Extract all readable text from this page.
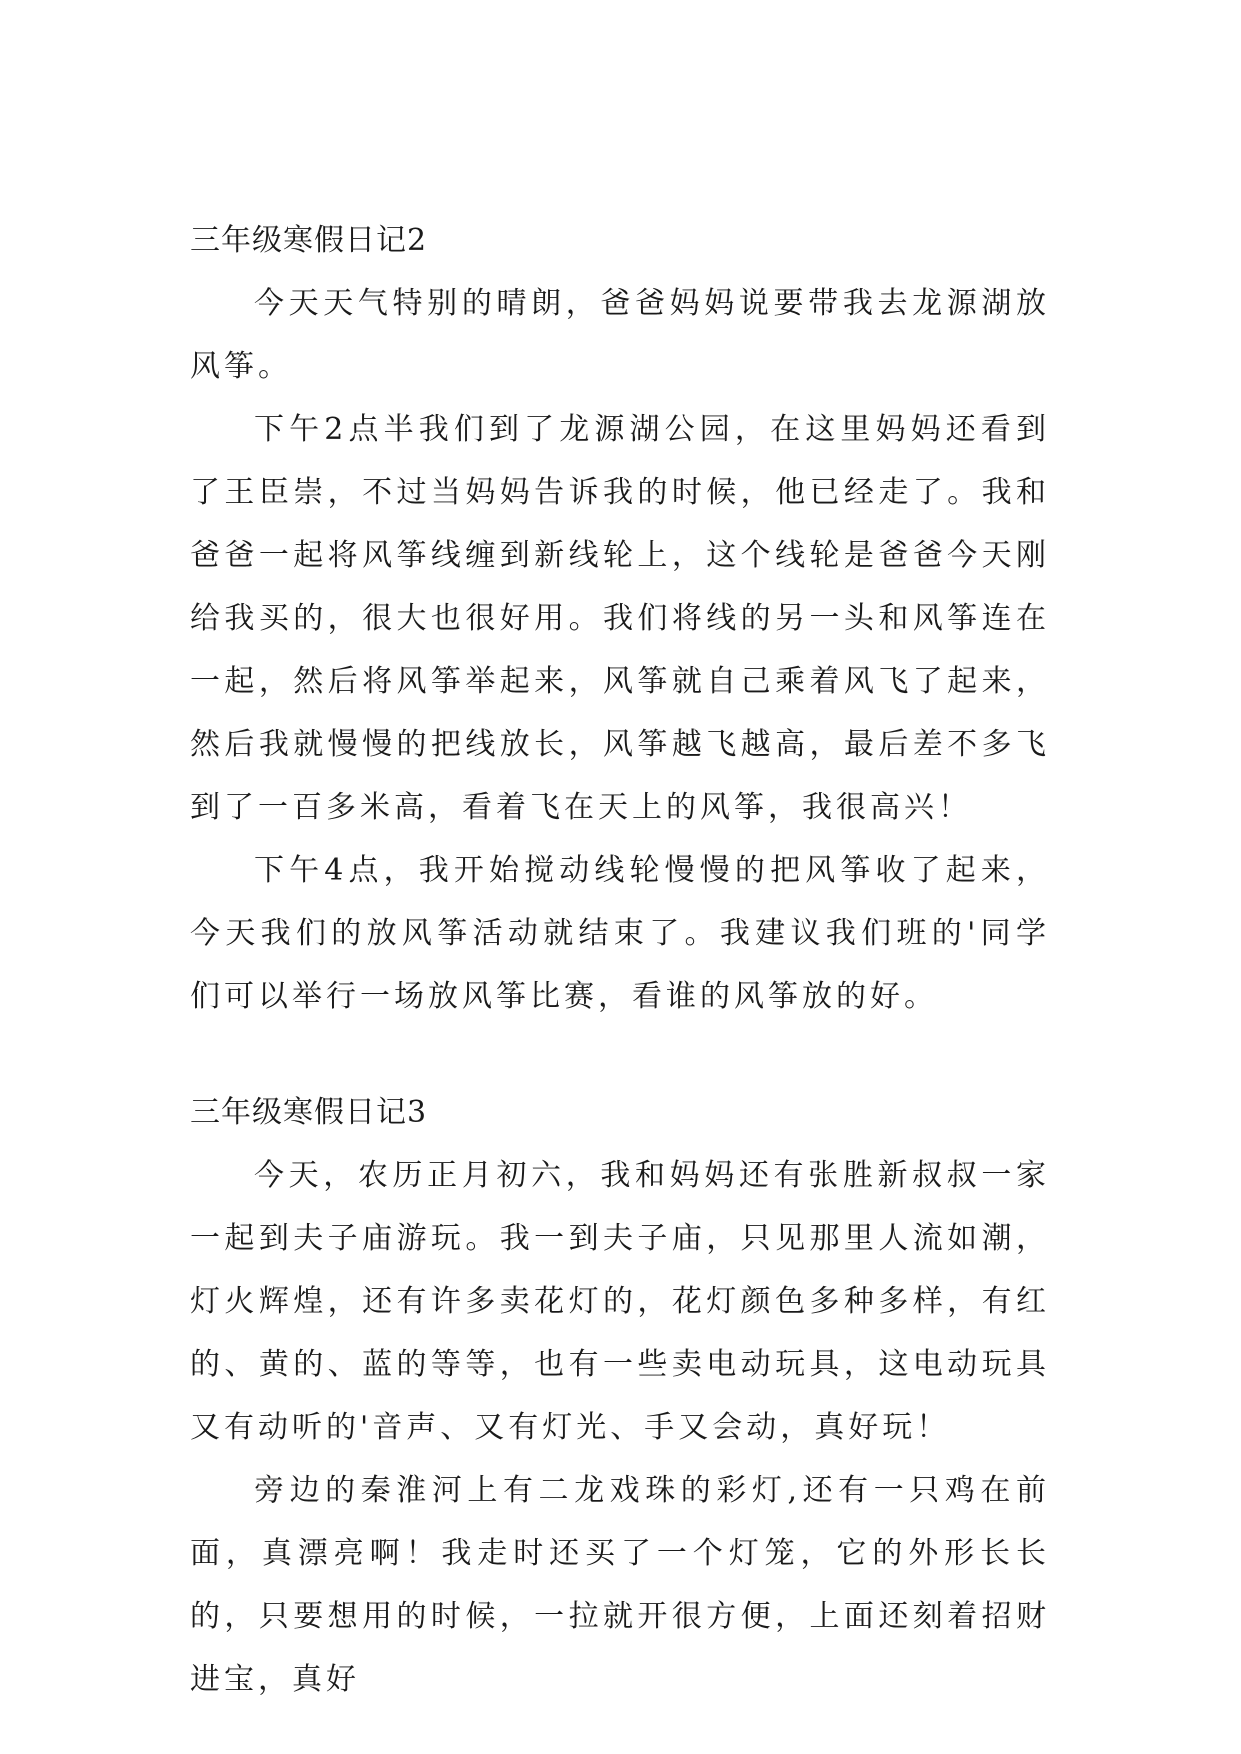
三年级寒假日记2

今天天气特别的晴朗，爸爸妈妈说要带我去龙源湖放风筝。

下午2点半我们到了龙源湖公园，在这里妈妈还看到了王臣崇，不过当妈妈告诉我的时候，他已经走了。我和爸爸一起将风筝线缠到新线轮上，这个线轮是爸爸今天刚给我买的，很大也很好用。我们将线的另一头和风筝连在一起，然后将风筝举起来，风筝就自己乘着风飞了起来，然后我就慢慢的把线放长，风筝越飞越高，最后差不多飞到了一百多米高，看着飞在天上的风筝，我很高兴！

下午4点，我开始搅动线轮慢慢的把风筝收了起来，今天我们的放风筝活动就结束了。我建议我们班的'同学们可以举行一场放风筝比赛，看谁的风筝放的好。

三年级寒假日记3

今天，农历正月初六，我和妈妈还有张胜新叔叔一家一起到夫子庙游玩。我一到夫子庙，只见那里人流如潮，灯火辉煌，还有许多卖花灯的，花灯颜色多种多样，有红的、黄的、蓝的等等，也有一些卖电动玩具，这电动玩具又有动听的'音声、又有灯光、手又会动，真好玩！

旁边的秦淮河上有二龙戏珠的彩灯,还有一只鸡在前面，真漂亮啊！我走时还买了一个灯笼，它的外形长长的，只要想用的时候，一拉就开很方便，上面还刻着招财进宝，真好
